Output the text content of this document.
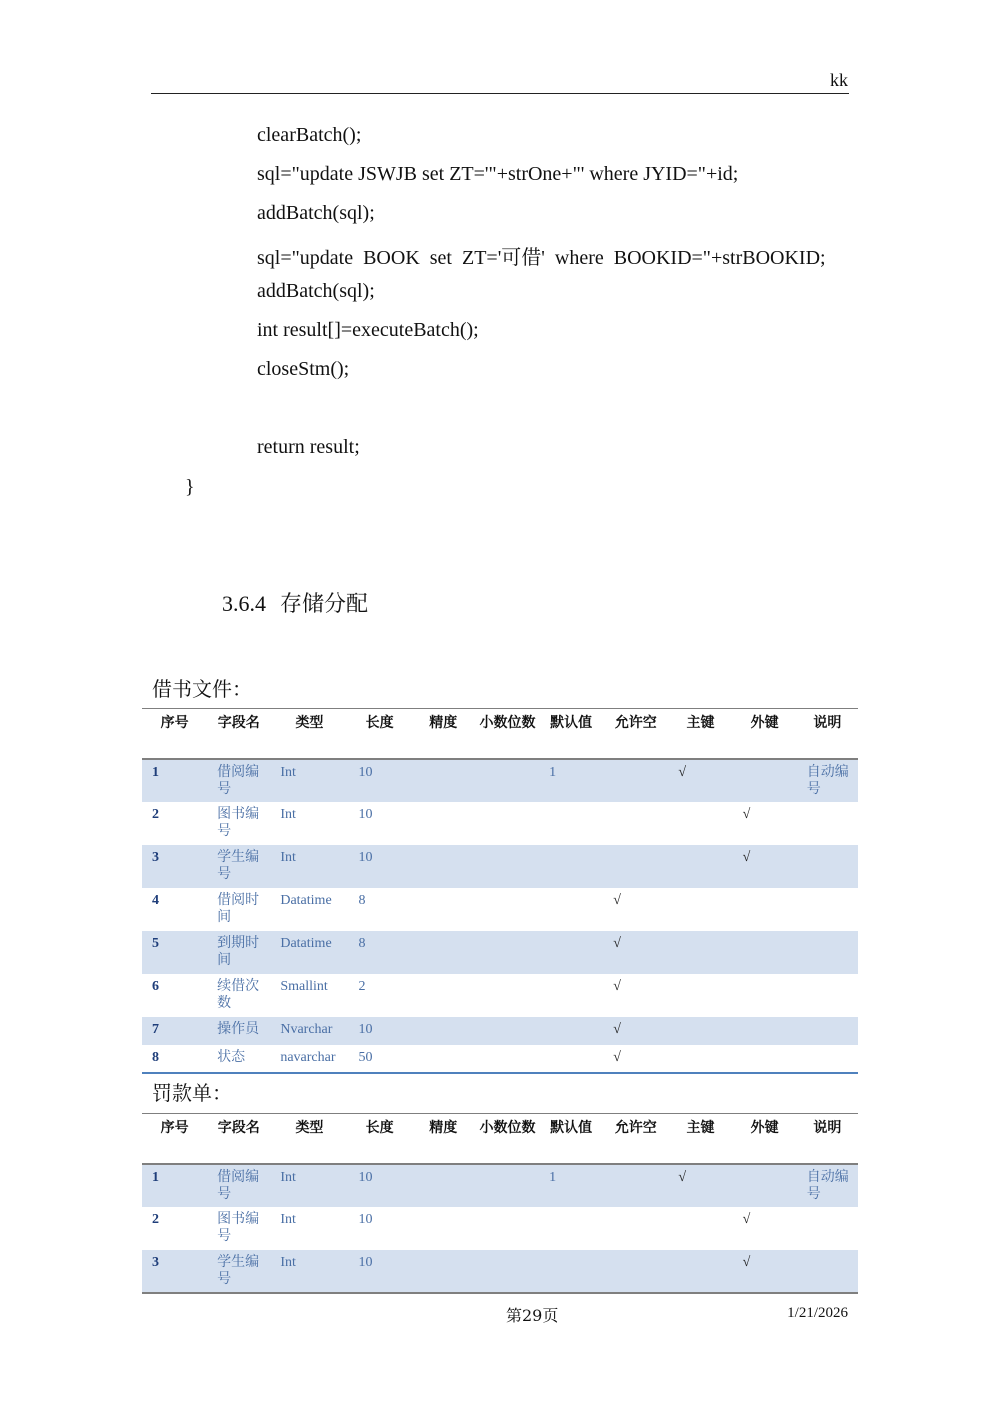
kk
clearBatch();
sql="update JSWJB set ZT='"+strOne+"' where JYID="+id;
addBatch(sql);
sql="update  BOOK  set  ZT='可借'  where  BOOKID="+strBOOKID;
addBatch(sql);
int result[]=executeBatch();
closeStm();
return result;
}
3.6.4 存储分配
借书文件：
序号	字段名	类型	长度	精度	小数位数	默认值	允许空	主键	外键	说明
1	借阅编号	Int	10			1		√		自动编号
2	图书编号	Int	10						√	
3	学生编号	Int	10						√	
4	借阅时间	Datatime	8				√			
5	到期时间	Datatime	8				√			
6	续借次数	Smallint	2				√			
7	操作员	Nvarchar	10				√			
8	状态	navarchar	50				√			
罚款单：
序号	字段名	类型	长度	精度	小数位数	默认值	允许空	主键	外键	说明
1	借阅编号	Int	10			1		√		自动编号
2	图书编号	Int	10						√	
3	学生编号	Int	10						√	
第29页	1/21/2026
